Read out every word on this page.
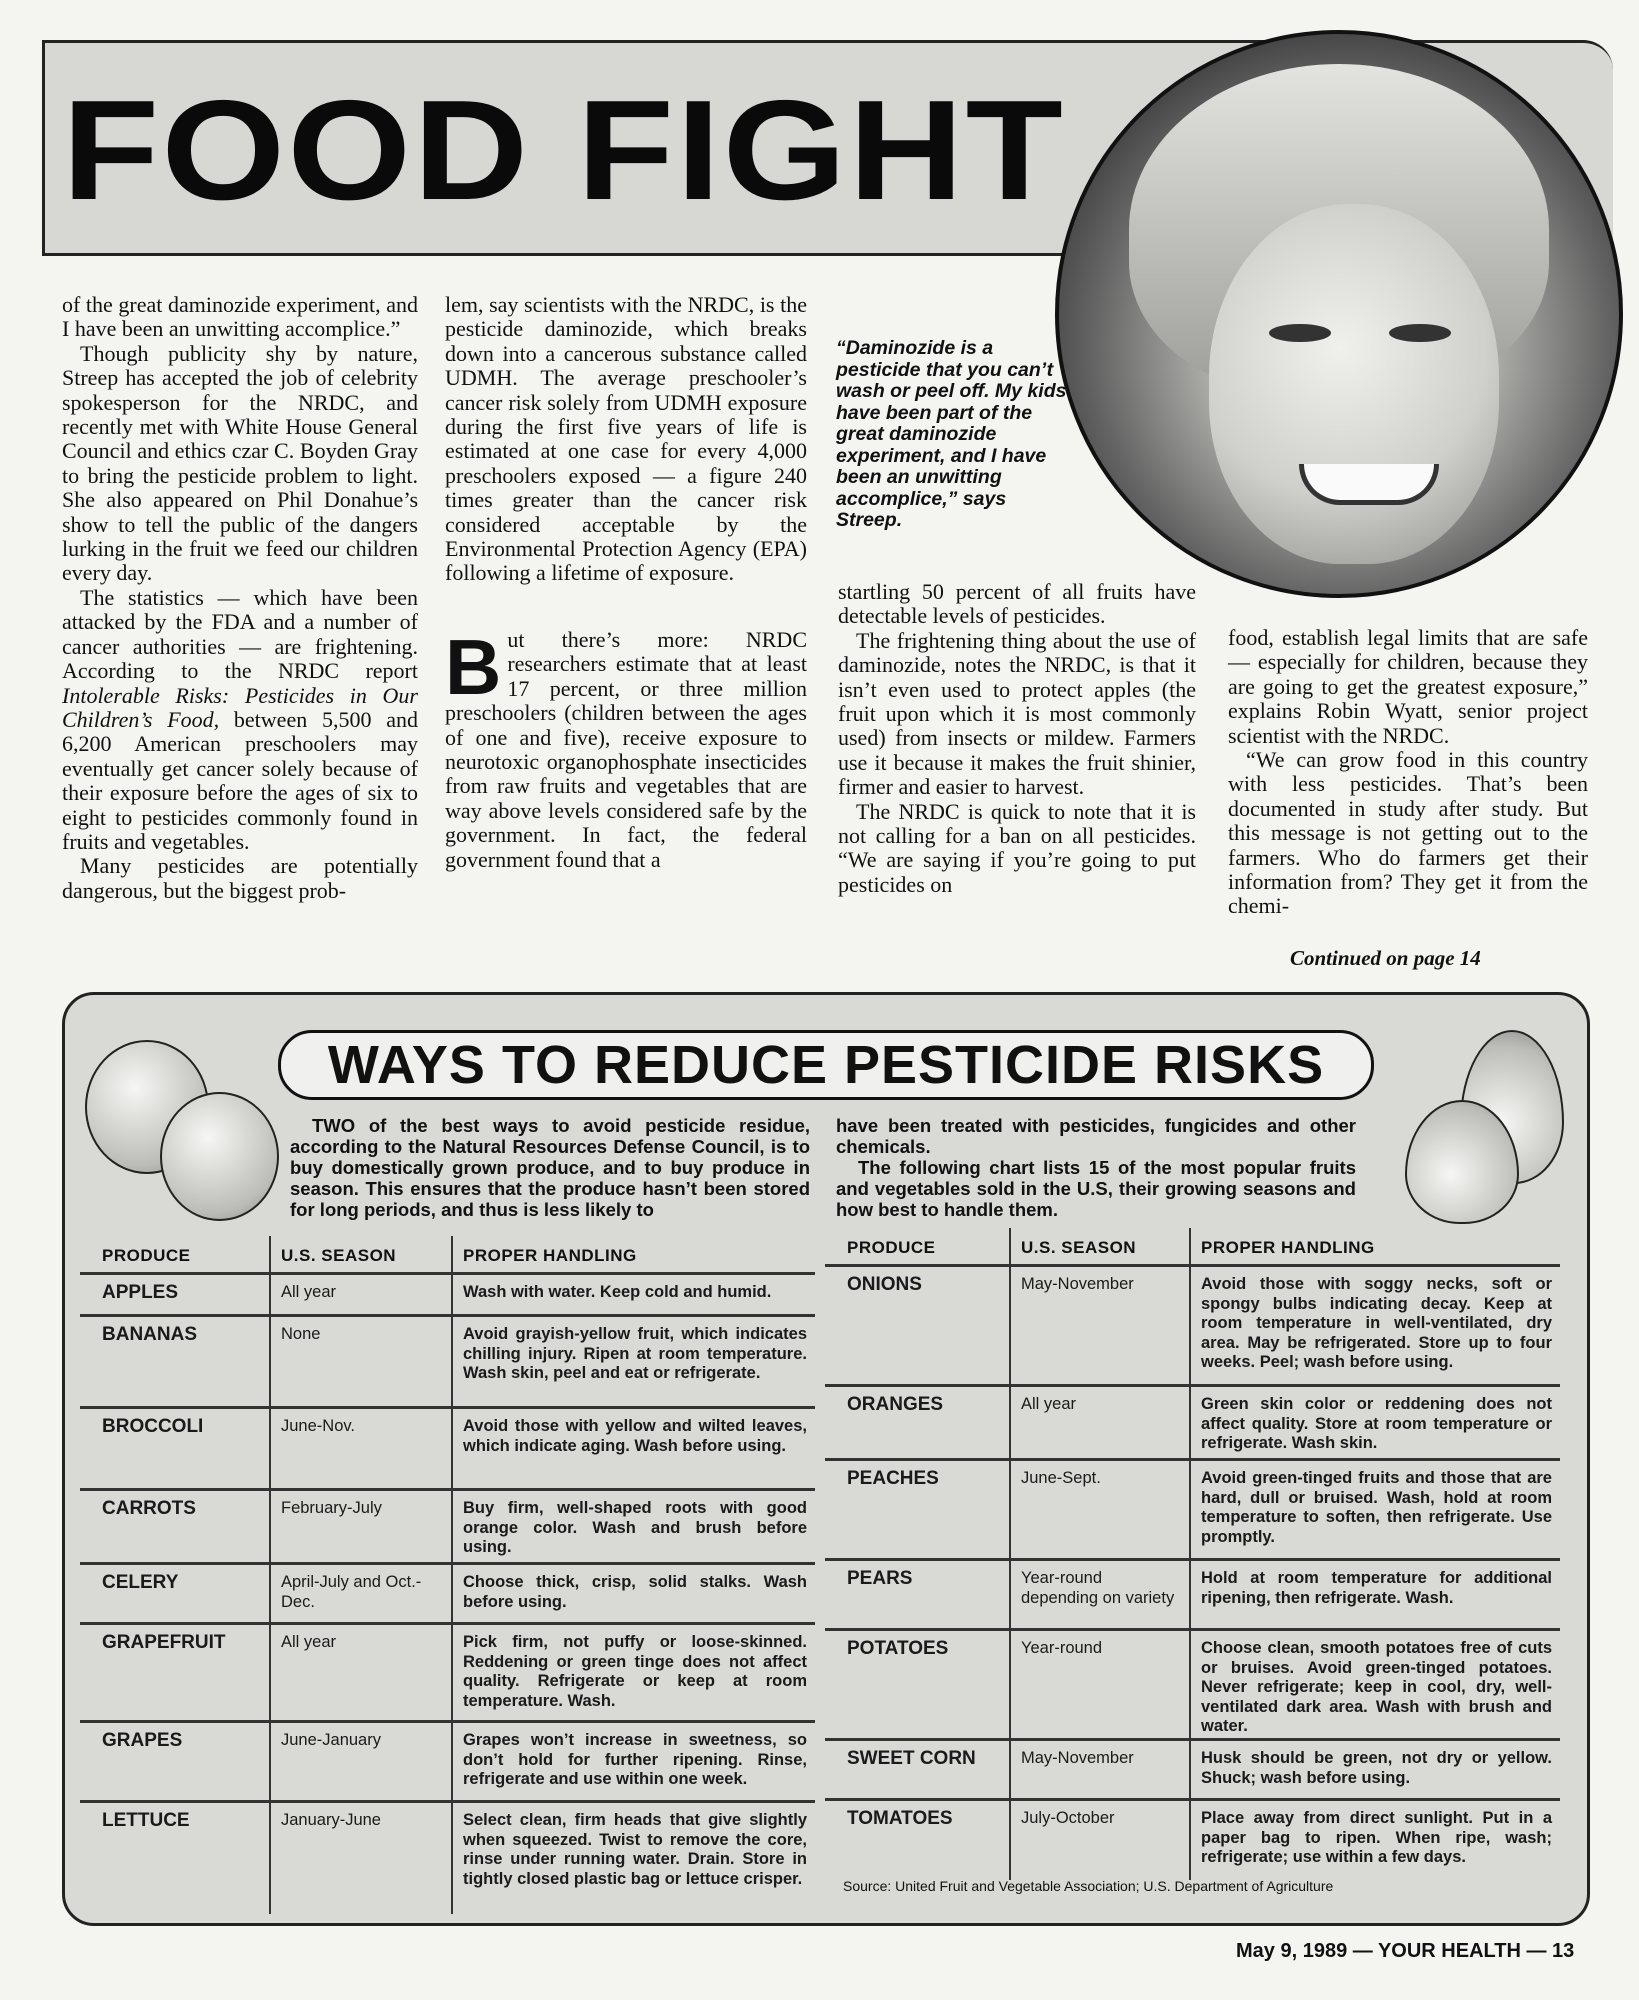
FOOD FIGHT

of the great daminozide experiment, and I have been an unwitting accomplice.”

Though publicity shy by nature, Streep has accepted the job of celebrity spokesperson for the NRDC, and recently met with White House General Council and ethics czar C. Boyden Gray to bring the pesticide problem to light. She also appeared on Phil Donahue’s show to tell the public of the dangers lurking in the fruit we feed our children every day.

The statistics — which have been attacked by the FDA and a number of cancer authorities — are frightening. According to the NRDC report Intolerable Risks: Pesticides in Our Children’s Food, between 5,500 and 6,200 American preschoolers may eventually get cancer solely because of their exposure before the ages of six to eight to pesticides commonly found in fruits and vegetables.

Many pesticides are potentially dangerous, but the biggest prob-

lem, say scientists with the NRDC, is the pesticide daminozide, which breaks down into a cancerous substance called UDMH. The average preschooler’s cancer risk solely from UDMH exposure during the first five years of life is estimated at one case for every 4,000 preschoolers exposed — a figure 240 times greater than the cancer risk considered acceptable by the Environmental Protection Agency (EPA) following a lifetime of exposure.

But there’s more: NRDC researchers estimate that at least 17 percent, or three million preschoolers (children between the ages of one and five), receive exposure to neurotoxic organophosphate insecticides from raw fruits and vegetables that are way above levels considered safe by the government. In fact, the federal government found that a

“Daminozide is a pesticide that you can’t wash or peel off. My kids have been part of the great daminozide experiment, and I have been an unwitting accomplice,” says Streep.

startling 50 percent of all fruits have detectable levels of pesticides.

The frightening thing about the use of daminozide, notes the NRDC, is that it isn’t even used to protect apples (the fruit upon which it is most commonly used) from insects or mildew. Farmers use it because it makes the fruit shinier, firmer and easier to harvest.

The NRDC is quick to note that it is not calling for a ban on all pesticides. “We are saying if you’re going to put pesticides on

food, establish legal limits that are safe — especially for children, because they are going to get the greatest exposure,” explains Robin Wyatt, senior project scientist with the NRDC.

“We can grow food in this country with less pesticides. That’s been documented in study after study. But this message is not getting out to the farmers. Who do farmers get their information from? They get it from the chemi-

Continued on page 14
WAYS TO REDUCE PESTICIDE RISKS

TWO of the best ways to avoid pesticide residue, according to the Natural Resources Defense Council, is to buy domestically grown produce, and to buy produce in season. This ensures that the produce hasn’t been stored for long periods, and thus is less likely to

have been treated with pesticides, fungicides and other chemicals.

The following chart lists 15 of the most popular fruits and vegetables sold in the U.S, their growing seasons and how best to handle them.

PRODUCE	U.S. SEASON	PROPER HANDLING
APPLES	All year	Wash with water. Keep cold and humid.
BANANAS	None	Avoid grayish-yellow fruit, which indicates chilling injury. Ripen at room temperature. Wash skin, peel and eat or refrigerate.
BROCCOLI	June-Nov.	Avoid those with yellow and wilted leaves, which indicate aging. Wash before using.
CARROTS	February-July	Buy firm, well-shaped roots with good orange color. Wash and brush before using.
CELERY	April-July and Oct.-Dec.	Choose thick, crisp, solid stalks. Wash before using.
GRAPEFRUIT	All year	Pick firm, not puffy or loose-skinned. Reddening or green tinge does not affect quality. Refrigerate or keep at room temperature. Wash.
GRAPES	June-January	Grapes won’t increase in sweetness, so don’t hold for further ripening. Rinse, refrigerate and use within one week.
LETTUCE	January-June	Select clean, firm heads that give slightly when squeezed. Twist to remove the core, rinse under running water. Drain. Store in tightly closed plastic bag or lettuce crisper.
PRODUCE	U.S. SEASON	PROPER HANDLING
ONIONS	May-November	Avoid those with soggy necks, soft or spongy bulbs indicating decay. Keep at room temperature in well-ventilated, dry area. May be refrigerated. Store up to four weeks. Peel; wash before using.
ORANGES	All year	Green skin color or reddening does not affect quality. Store at room temperature or refrigerate. Wash skin.
PEACHES	June-Sept.	Avoid green-tinged fruits and those that are hard, dull or bruised. Wash, hold at room temperature to soften, then refrigerate. Use promptly.
PEARS	Year-round depending on variety	Hold at room temperature for additional ripening, then refrigerate. Wash.
POTATOES	Year-round	Choose clean, smooth potatoes free of cuts or bruises. Avoid green-tinged potatoes. Never refrigerate; keep in cool, dry, well-ventilated dark area. Wash with brush and water.
SWEET CORN	May-November	Husk should be green, not dry or yellow. Shuck; wash before using.
TOMATOES	July-October	Place away from direct sunlight. Put in a paper bag to ripen. When ripe, wash; refrigerate; use within a few days.
Source: United Fruit and Vegetable Association; U.S. Department of Agriculture
May 9, 1989 — YOUR HEALTH — 13
